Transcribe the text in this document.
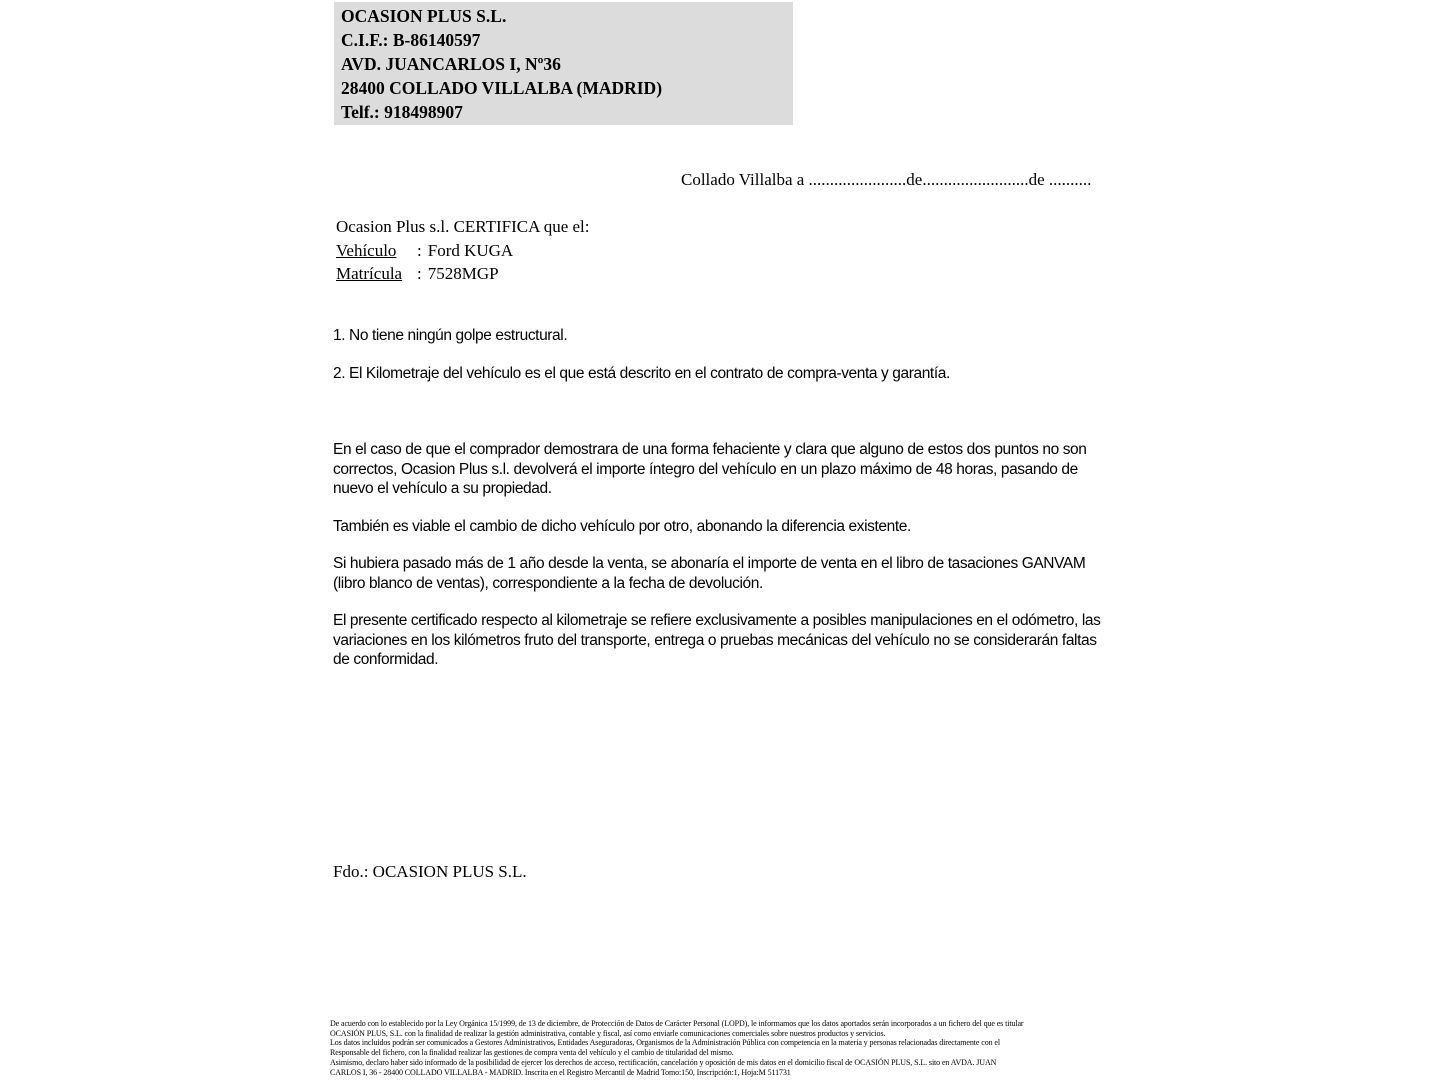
OCASION PLUS S.L.
C.I.F.: B-86140597
AVD. JUANCARLOS I, Nº36
28400 COLLADO VILLALBA (MADRID)
Telf.: 918498907
Collado Villalba a .......................de.........................de ..........
Ocasion Plus s.l. CERTIFICA que el:
Vehículo	: Ford KUGA
Matrícula : 7528MGP
1. No tiene ningún golpe estructural.
2. El Kilometraje del vehículo es el que está descrito en el contrato de compra-venta y garantía.

En el caso de que el comprador demostrara de una forma fehaciente y clara que alguno de estos dos puntos no son correctos, Ocasion Plus s.l. devolverá el importe íntegro del vehículo en un plazo máximo de 48 horas, pasando de nuevo el vehículo a su propiedad.

También es viable el cambio de dicho vehículo por otro, abonando la diferencia existente.

Si hubiera pasado más de 1 año desde la venta, se abonaría el importe de venta en el libro de tasaciones GANVAM (libro blanco de ventas), correspondiente a la fecha de devolución.

El presente certificado respecto al kilometraje se refiere exclusivamente a posibles manipulaciones en el odómetro, las variaciones en los kilómetros fruto del transporte, entrega o pruebas mecánicas del vehículo no se considerarán faltas de conformidad.

Fdo.: OCASION PLUS S.L.
De acuerdo con lo establecido por la Ley Orgánica 15/1999, de 13 de diciembre, de Protección de Datos de Carácter Personal (LOPD), le informamos que los datos aportados serán incorporados a un fichero del que es titular
OCASIÓN PLUS, S.L. con la finalidad de realizar la gestión administrativa, contable y fiscal, así como enviarle comunicaciones comerciales sobre nuestros productos y servicios.
Los datos incluidos podrán ser comunicados a Gestores Administrativos, Entidades Aseguradoras, Organismos de la Administración Pública con competencia en la materia y personas relacionadas directamente con el
Responsable del fichero, con la finalidad realizar las gestiones de compra venta del vehículo y el cambio de titularidad del mismo.
Asimismo, declaro haber sido informado de la posibilidad de ejercer los derechos de acceso, rectificación, cancelación y oposición de mis datos en el domicilio fiscal de OCASIÓN PLUS, S.L. sito en AVDA. JUAN
CARLOS I, 36 - 28400 COLLADO VILLALBA - MADRID. Inscrita en el Registro Mercantil de Madrid Tomo:150, Inscripción:1, Hoja:M 511731
